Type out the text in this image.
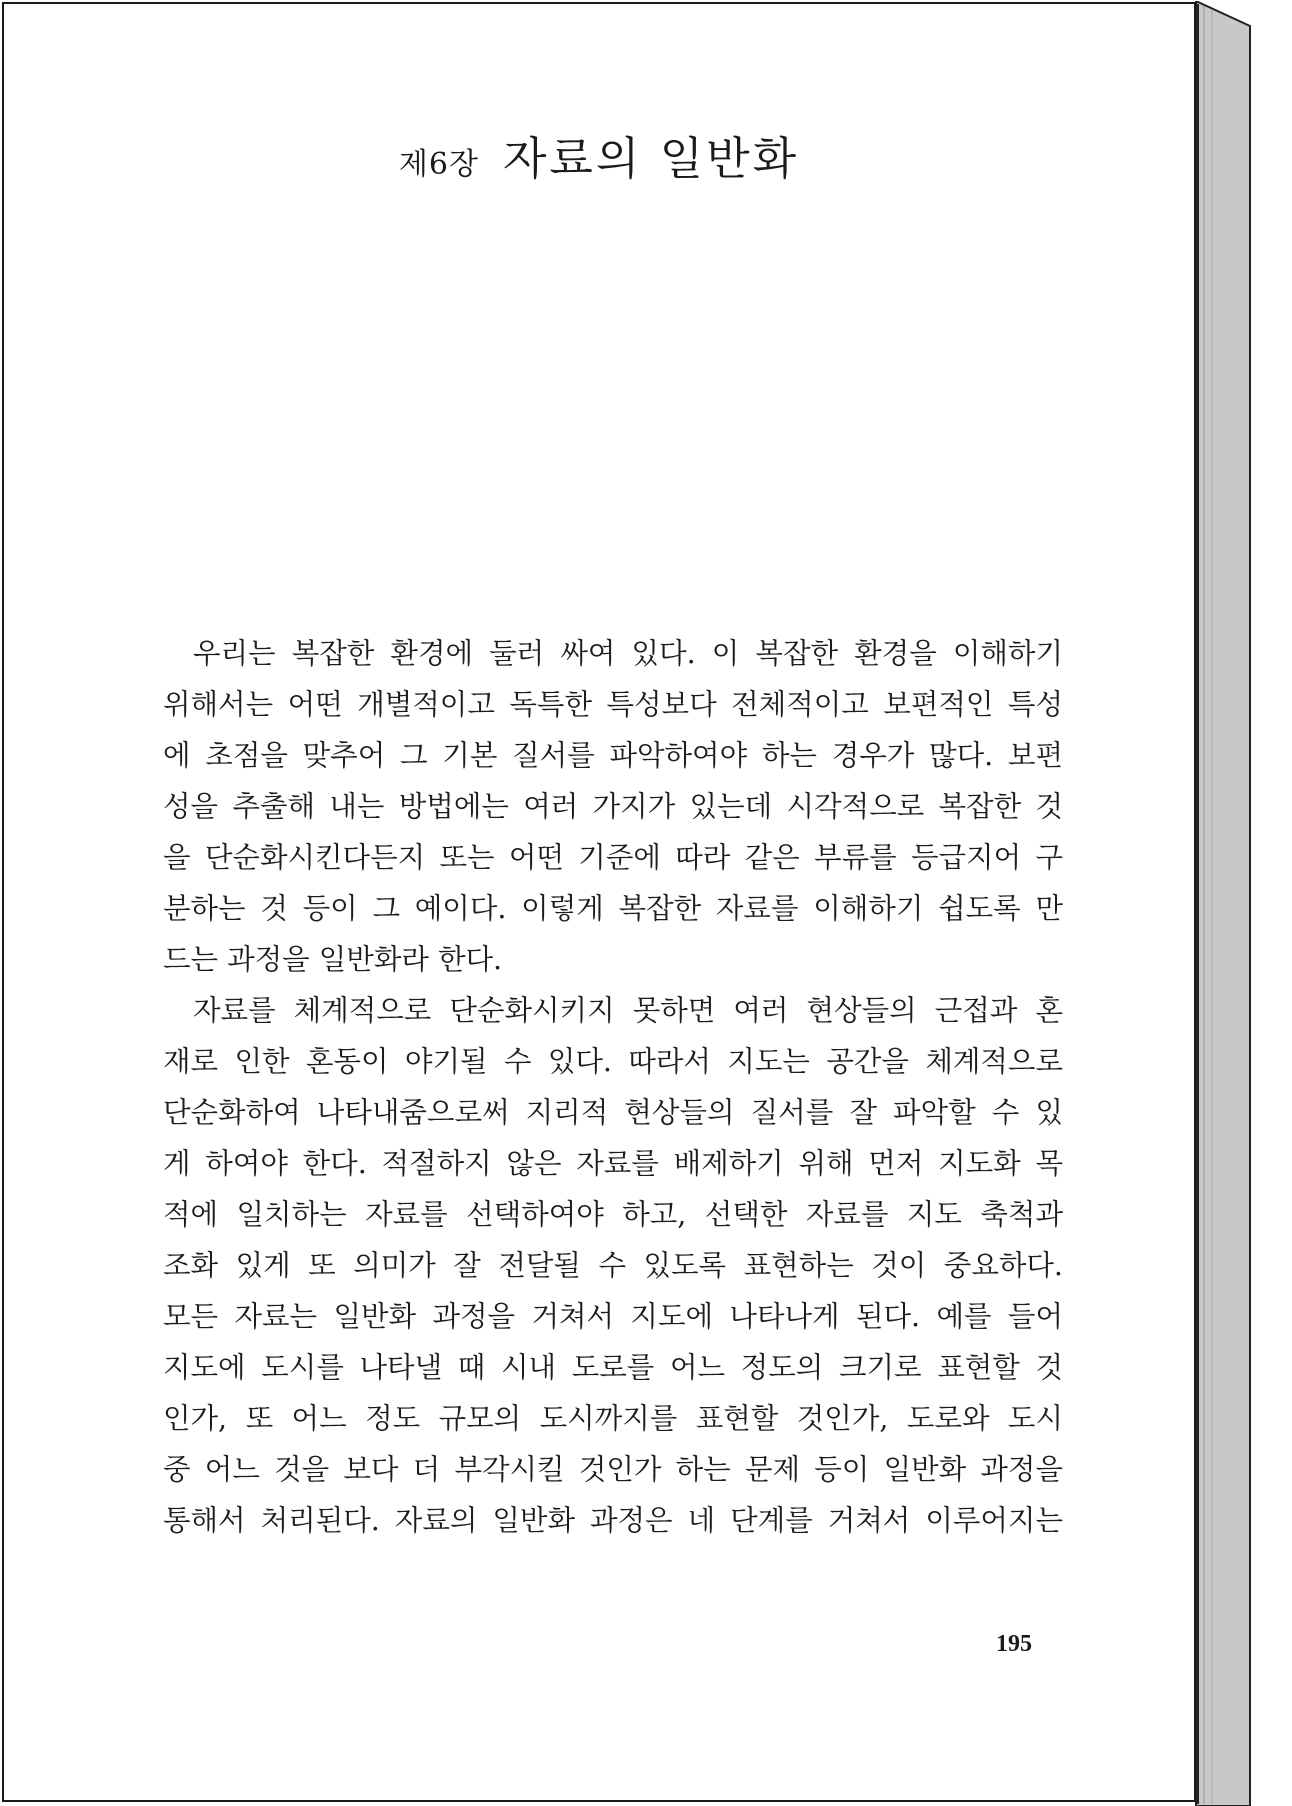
제6장 자료의 일반화
우리는 복잡한 환경에 둘러 싸여 있다. 이 복잡한 환경을 이해하기
위해서는 어떤 개별적이고 독특한 특성보다 전체적이고 보편적인 특성
에 초점을 맞추어 그 기본 질서를 파악하여야 하는 경우가 많다. 보편
성을 추출해 내는 방법에는 여러 가지가 있는데 시각적으로 복잡한 것
을 단순화시킨다든지 또는 어떤 기준에 따라 같은 부류를 등급지어 구
분하는 것 등이 그 예이다. 이렇게 복잡한 자료를 이해하기 쉽도록 만
드는 과정을 일반화라 한다.
자료를 체계적으로 단순화시키지 못하면 여러 현상들의 근접과 혼
재로 인한 혼동이 야기될 수 있다. 따라서 지도는 공간을 체계적으로
단순화하여 나타내줌으로써 지리적 현상들의 질서를 잘 파악할 수 있
게 하여야 한다. 적절하지 않은 자료를 배제하기 위해 먼저 지도화 목
적에 일치하는 자료를 선택하여야 하고, 선택한 자료를 지도 축척과
조화 있게 또 의미가 잘 전달될 수 있도록 표현하는 것이 중요하다.
모든 자료는 일반화 과정을 거쳐서 지도에 나타나게 된다. 예를 들어
지도에 도시를 나타낼 때 시내 도로를 어느 정도의 크기로 표현할 것
인가, 또 어느 정도 규모의 도시까지를 표현할 것인가, 도로와 도시
중 어느 것을 보다 더 부각시킬 것인가 하는 문제 등이 일반화 과정을
통해서 처리된다. 자료의 일반화 과정은 네 단계를 거쳐서 이루어지는
195
